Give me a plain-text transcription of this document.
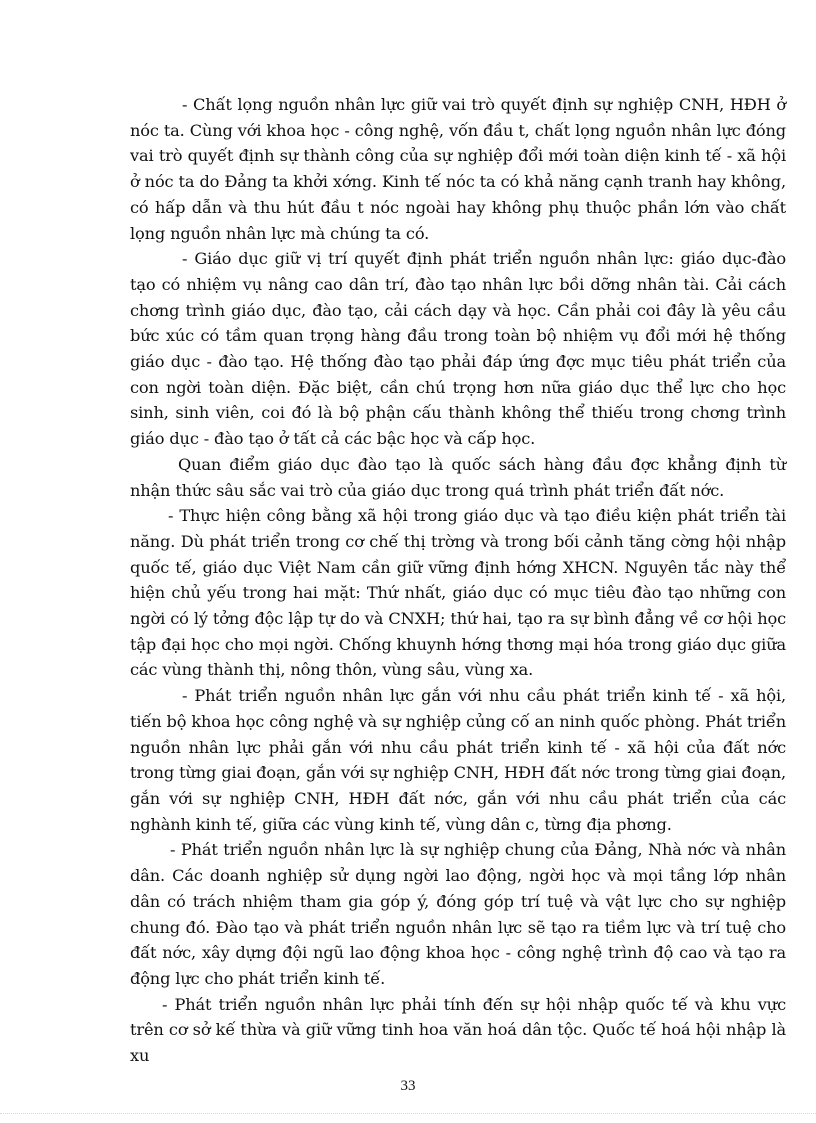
- Chất lọng nguồn nhân lực giữ vai trò quyết định sự nghiệp CNH, HĐH ở nóc ta. Cùng với khoa học - công nghệ, vốn đầu t, chất lọng nguồn nhân lực đóng vai trò quyết định sự thành công của sự nghiệp đổi mới toàn diện kinh tế - xã hội ở nóc ta do Đảng ta khởi xớng. Kinh tế nóc ta có khả năng cạnh tranh hay không, có hấp dẫn và thu hút đầu t nóc ngoài hay không phụ thuộc phần lớn vào chất lọng nguồn nhân lực mà chúng ta có.

- Giáo dục giữ vị trí quyết định phát triển nguồn nhân lực: giáo dục-đào tạo có nhiệm vụ nâng cao dân trí, đào tạo nhân lực bồi dỡng nhân tài. Cải cách chơng trình giáo dục, đào tạo, cải cách dạy và học. Cần phải coi đây là yêu cầu bức xúc có tầm quan trọng hàng đầu trong toàn bộ nhiệm vụ đổi mới hệ thống giáo dục - đào tạo. Hệ thống đào tạo phải đáp ứng đợc mục tiêu phát triển của con ngời toàn diện. Đặc biệt, cần chú trọng hơn nữa giáo dục thể lực cho học sinh, sinh viên, coi đó là bộ phận cấu thành không thể thiếu trong chơng trình giáo dục - đào tạo ở tất cả các bậc học và cấp học.

Quan điểm giáo dục đào tạo là quốc sách hàng đầu đợc khẳng định từ nhận thức sâu sắc vai trò của giáo dục trong quá trình phát triển đất nớc.

- Thực hiện công bằng xã hội trong giáo dục và tạo điều kiện phát triển tài năng. Dù phát triển trong cơ chế thị trờng và trong bối cảnh tăng cờng hội nhập quốc tế, giáo dục Việt Nam cần giữ vững định hớng XHCN. Nguyên tắc này thể hiện chủ yếu trong hai mặt: Thứ nhất, giáo dục có mục tiêu đào tạo những con ngời có lý tởng độc lập tự do và CNXH; thứ hai, tạo ra sự bình đẳng về cơ hội học tập đại học cho mọi ngời. Chống khuynh hớng thơng mại hóa trong giáo dục giữa các vùng thành thị, nông thôn, vùng sâu, vùng xa.

- Phát triển nguồn nhân lực gắn với nhu cầu phát triển kinh tế - xã hội, tiến bộ khoa học công nghệ và sự nghiệp củng cố an ninh quốc phòng. Phát triển nguồn nhân lực phải gắn với nhu cầu phát triển kinh tế - xã hội của đất nớc trong từng giai đoạn, gắn với sự nghiệp CNH, HĐH đất nớc trong từng giai đoạn, gắn với sự nghiệp CNH, HĐH đất nớc, gắn với nhu cầu phát triển của các nghành kinh tế, giữa các vùng kinh tế, vùng dân c, từng địa phơng.

- Phát triển nguồn nhân lực là sự nghiệp chung của Đảng, Nhà nớc và nhân dân. Các doanh nghiệp sử dụng ngời lao động, ngời học và mọi tầng lớp nhân dân có trách nhiệm tham gia góp ý, đóng góp trí tuệ và vật lực cho sự nghiệp chung đó. Đào tạo và phát triển nguồn nhân lực sẽ tạo ra tiềm lực và trí tuệ cho đất nớc, xây dựng đội ngũ lao động khoa học - công nghệ trình độ cao và tạo ra động lực cho phát triển kinh tế.

- Phát triển nguồn nhân lực phải tính đến sự hội nhập quốc tế và khu vực trên cơ sở kế thừa và giữ vững tinh hoa văn hoá dân tộc. Quốc tế hoá hội nhập là xu

33
